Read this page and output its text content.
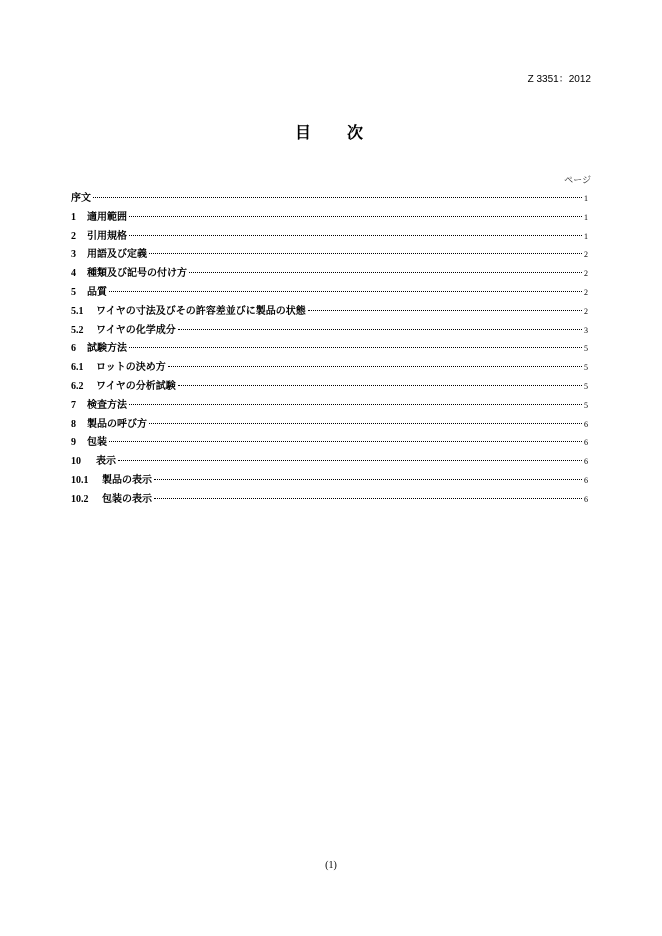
Z 3351：2012
目　次
ページ
序文	1
1	適用範囲	1
2	引用規格	1
3	用語及び定義	2
4	種類及び記号の付け方	2
5	品質	2
5.1	ワイヤの寸法及びその許容差並びに製品の状態	2
5.2	ワイヤの化学成分	3
6	試験方法	5
6.1	ロットの決め方	5
6.2	ワイヤの分析試験	5
7	検査方法	5
8	製品の呼び方	6
9	包装	6
10	表示	6
10.1	製品の表示	6
10.2	包装の表示	6
(1)
